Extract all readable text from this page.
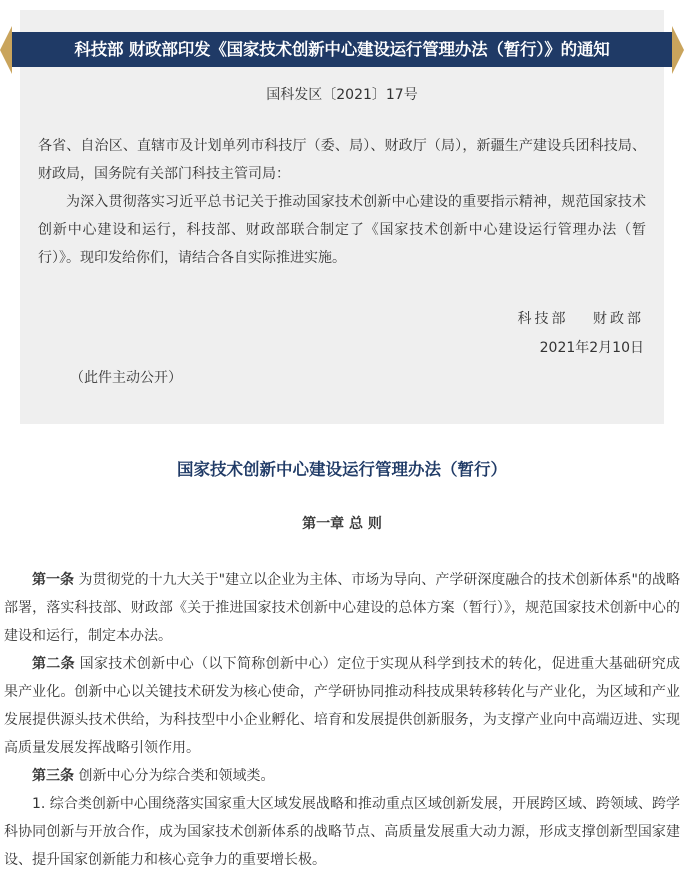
科技部 财政部印发《国家技术创新中心建设运行管理办法（暂行）》的通知
国科发区〔2021〕17号
各省、自治区、直辖市及计划单列市科技厅（委、局）、财政厅（局），新疆生产建设兵团科技局、财政局，国务院有关部门科技主管司局：
为深入贯彻落实习近平总书记关于推动国家技术创新中心建设的重要指示精神，规范国家技术创新中心建设和运行，科技部、财政部联合制定了《国家技术创新中心建设运行管理办法（暂行）》。现印发给你们，请结合各自实际推进实施。
科技部　 财政部
2021年2月10日
（此件主动公开）
国家技术创新中心建设运行管理办法（暂行）
第一章 总 则
第一条 为贯彻党的十九大关于"建立以企业为主体、市场为导向、产学研深度融合的技术创新体系"的战略部署，落实科技部、财政部《关于推进国家技术创新中心建设的总体方案（暂行）》，规范国家技术创新中心的建设和运行，制定本办法。
第二条 国家技术创新中心（以下简称创新中心）定位于实现从科学到技术的转化，促进重大基础研究成果产业化。创新中心以关键技术研发为核心使命，产学研协同推动科技成果转移转化与产业化，为区域和产业发展提供源头技术供给，为科技型中小企业孵化、培育和发展提供创新服务，为支撑产业向中高端迈进、实现高质量发展发挥战略引领作用。
第三条 创新中心分为综合类和领域类。
1. 综合类创新中心围绕落实国家重大区域发展战略和推动重点区域创新发展，开展跨区域、跨领域、跨学科协同创新与开放合作，成为国家技术创新体系的战略节点、高质量发展重大动力源，形成支撑创新型国家建设、提升国家创新能力和核心竞争力的重要增长极。
